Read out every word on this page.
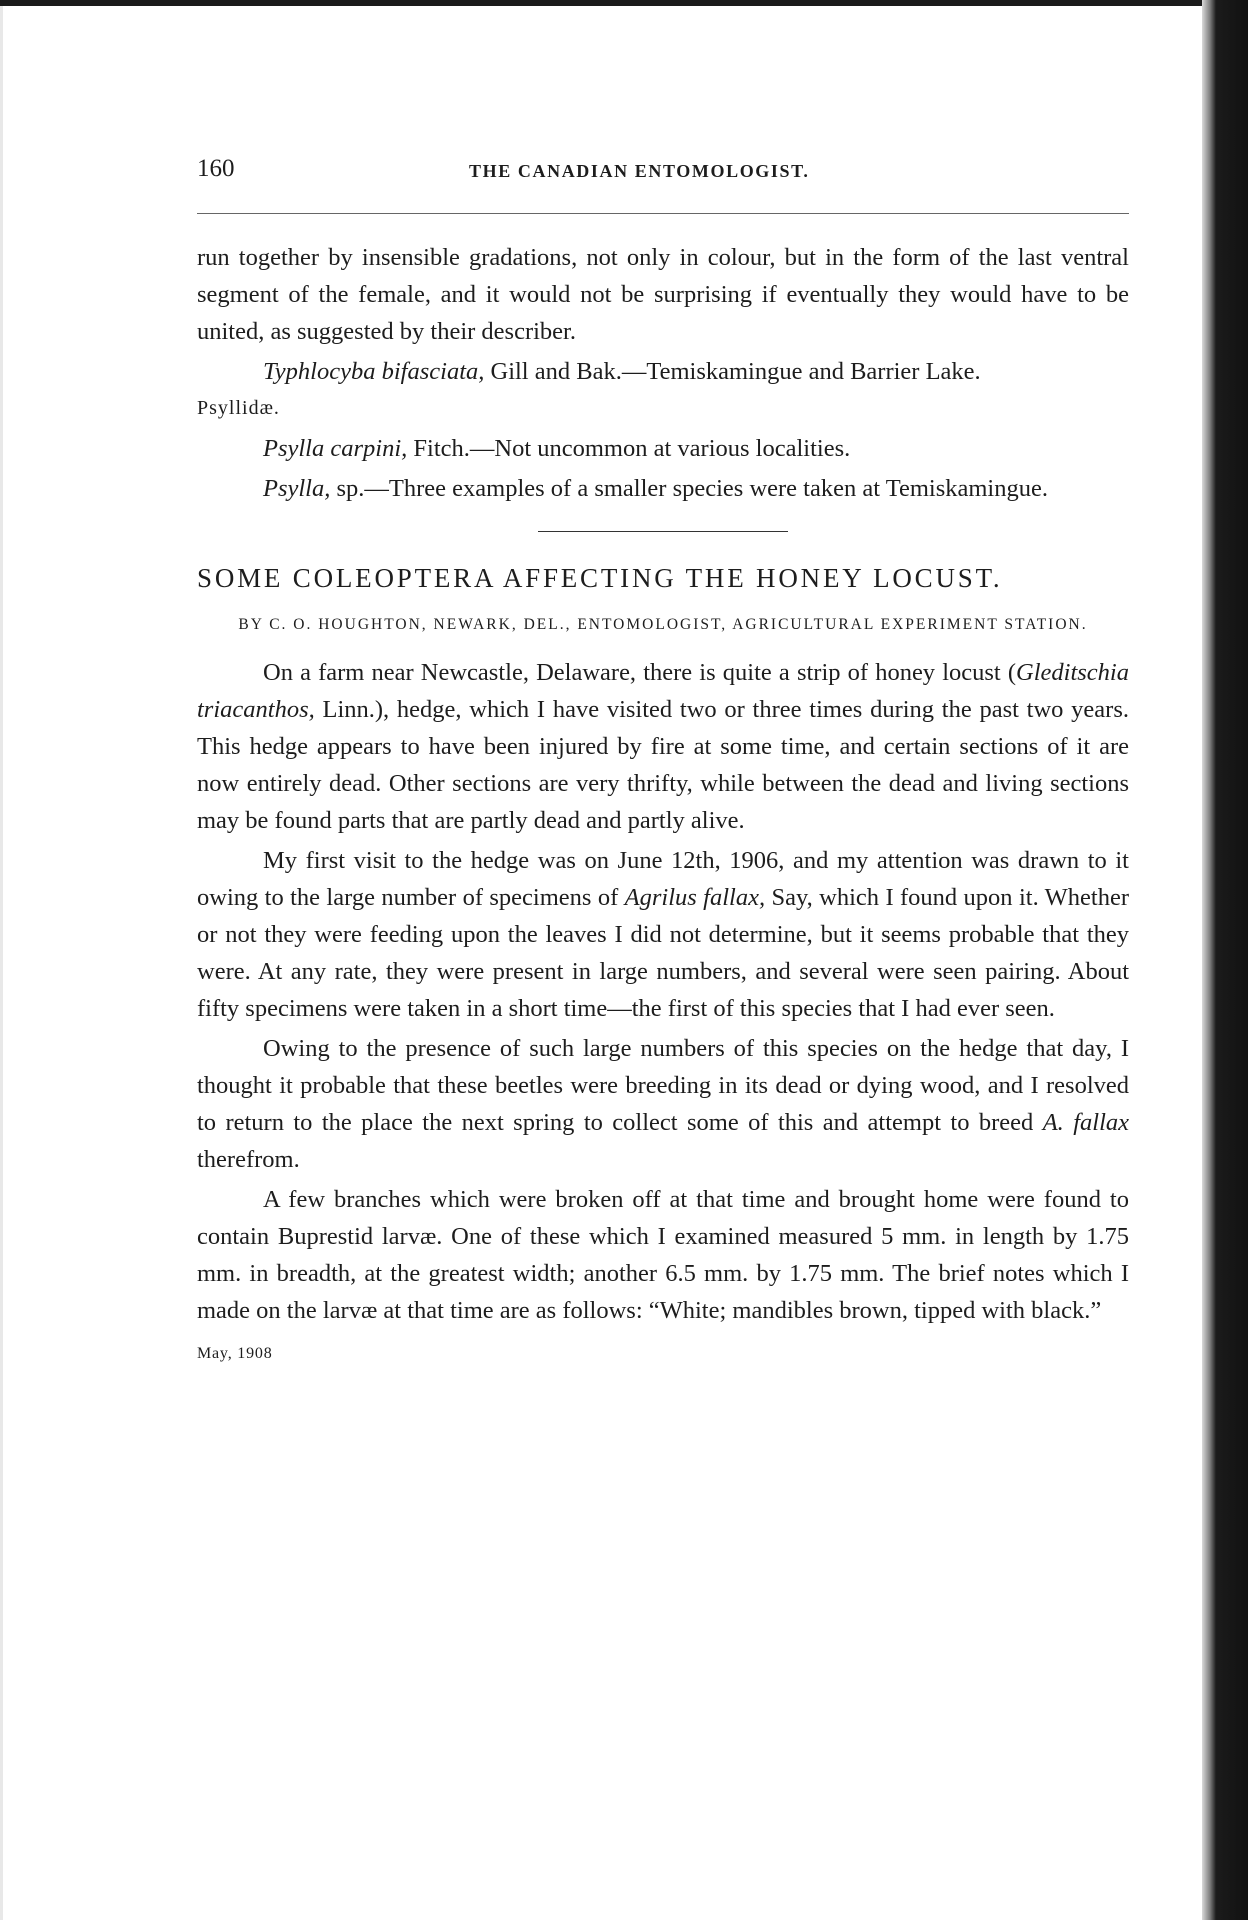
160	THE CANADIAN ENTOMOLOGIST.

run together by insensible gradations, not only in colour, but in the form of the last ventral segment of the female, and it would not be surprising if eventually they would have to be united, as suggested by their describer.

Typhlocyba bifasciata, Gill and Bak.—Temiskamingue and Barrier Lake.

Psyllidæ.

Psylla carpini, Fitch.—Not uncommon at various localities.

Psylla, sp.—Three examples of a smaller species were taken at Temiskamingue.

SOME COLEOPTERA AFFECTING THE HONEY LOCUST.

BY C. O. HOUGHTON, NEWARK, DEL., ENTOMOLOGIST, AGRICULTURAL EXPERIMENT STATION.

On a farm near Newcastle, Delaware, there is quite a strip of honey locust (Gleditschia triacanthos, Linn.), hedge, which I have visited two or three times during the past two years. This hedge appears to have been injured by fire at some time, and certain sections of it are now entirely dead. Other sections are very thrifty, while between the dead and living sections may be found parts that are partly dead and partly alive.

My first visit to the hedge was on June 12th, 1906, and my attention was drawn to it owing to the large number of specimens of Agrilus fallax, Say, which I found upon it. Whether or not they were feeding upon the leaves I did not determine, but it seems probable that they were. At any rate, they were present in large numbers, and several were seen pairing. About fifty specimens were taken in a short time—the first of this species that I had ever seen.

Owing to the presence of such large numbers of this species on the hedge that day, I thought it probable that these beetles were breeding in its dead or dying wood, and I resolved to return to the place the next spring to collect some of this and attempt to breed A. fallax therefrom.

A few branches which were broken off at that time and brought home were found to contain Buprestid larvæ. One of these which I examined measured 5 mm. in length by 1.75 mm. in breadth, at the greatest width; another 6.5 mm. by 1.75 mm. The brief notes which I made on the larvæ at that time are as follows: “White; mandibles brown, tipped with black.”

May, 1908
